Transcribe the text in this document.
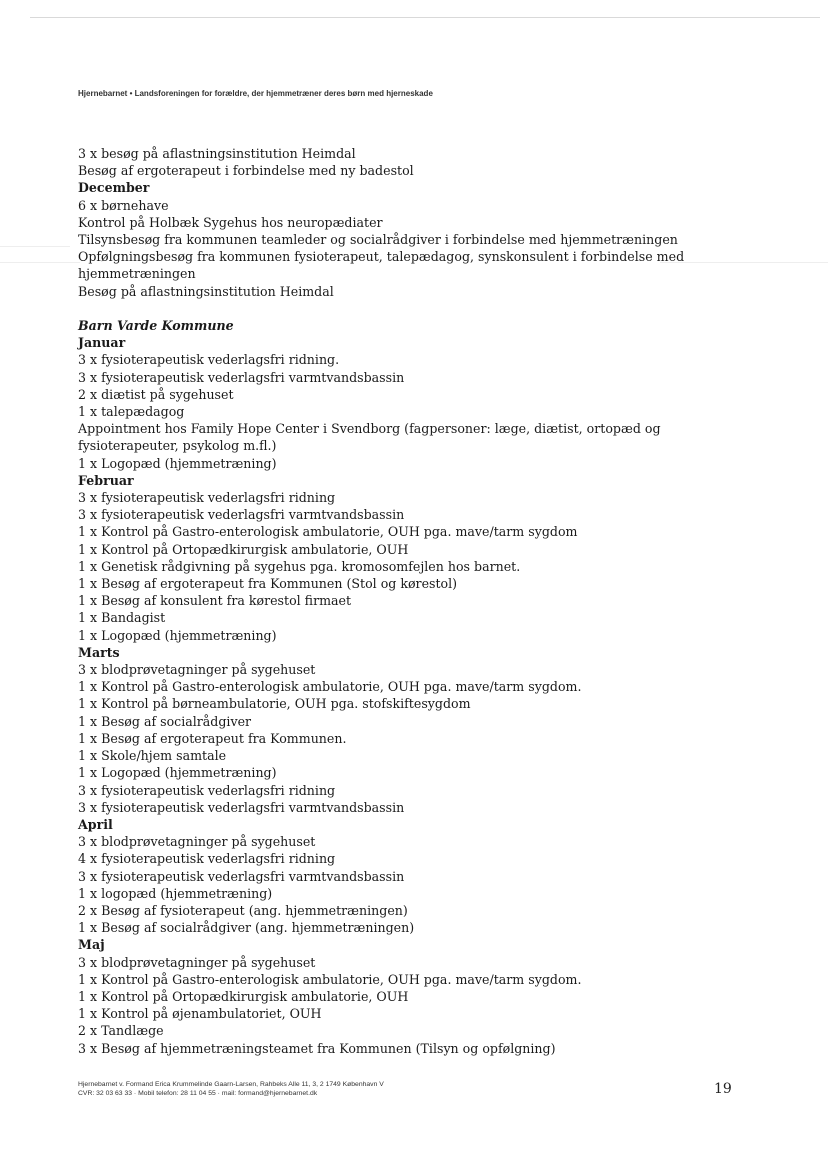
Hjernebarnet • Landsforeningen for forældre, der hjemmetræner deres børn med hjerneskade
3 x besøg på aflastningsinstitution Heimdal
Besøg af ergoterapeut i forbindelse med ny badestol
December
6 x børnehave
Kontrol på Holbæk Sygehus hos neuropædiater
Tilsynsbesøg fra kommunen teamleder og socialrådgiver i forbindelse med hjemmetræningen
Opfølgningsbesøg fra kommunen fysioterapeut, talepædagog, synskonsulent i forbindelse med
hjemmetræningen
Besøg på aflastningsinstitution Heimdal
Barn Varde Kommune
Januar
3 x fysioterapeutisk vederlagsfri ridning.
3 x fysioterapeutisk vederlagsfri varmtvandsbassin
2 x diætist på sygehuset
1 x talepædagog
Appointment hos Family Hope Center i Svendborg (fagpersoner: læge, diætist, ortopæd og
fysioterapeuter, psykolog m.fl.)
1 x Logopæd (hjemmetræning)
Februar
3 x fysioterapeutisk vederlagsfri ridning
3 x fysioterapeutisk vederlagsfri varmtvandsbassin
1 x Kontrol på Gastro-enterologisk ambulatorie, OUH pga. mave/tarm sygdom
1 x Kontrol på Ortopædkirurgisk ambulatorie, OUH
1 x Genetisk rådgivning på sygehus pga. kromosomfejlen hos barnet.
1 x Besøg af ergoterapeut fra Kommunen (Stol og kørestol)
1 x Besøg af konsulent fra kørestol firmaet
1 x Bandagist
1 x Logopæd (hjemmetræning)
Marts
3 x blodprøvetagninger på sygehuset
1 x Kontrol på Gastro-enterologisk ambulatorie, OUH pga. mave/tarm sygdom.
1 x Kontrol på børneambulatorie, OUH pga. stofskiftesygdom
1 x Besøg af socialrådgiver
1 x Besøg af ergoterapeut fra Kommunen.
1 x Skole/hjem samtale
1 x Logopæd (hjemmetræning)
3 x fysioterapeutisk vederlagsfri ridning
3 x fysioterapeutisk vederlagsfri varmtvandsbassin
April
3 x blodprøvetagninger på sygehuset
4 x fysioterapeutisk vederlagsfri ridning
3 x fysioterapeutisk vederlagsfri varmtvandsbassin
1 x logopæd (hjemmetræning)
2 x Besøg af fysioterapeut (ang. hjemmetræningen)
1 x Besøg af socialrådgiver (ang. hjemmetræningen)
Maj
3 x blodprøvetagninger på sygehuset
1 x Kontrol på Gastro-enterologisk ambulatorie, OUH pga. mave/tarm sygdom.
1 x Kontrol på Ortopædkirurgisk ambulatorie, OUH
1 x Kontrol på øjenambulatoriet, OUH
2 x Tandlæge
3 x Besøg af hjemmetræningsteamet fra Kommunen (Tilsyn og opfølgning)
Hjernebarnet v. Formand Erica Krummelinde Gaarn-Larsen, Rahbeks Alle 11, 3, 2 1749 København V
CVR: 32 03 63 33 · Mobil telefon: 28 11 04 55 · mail: formand@hjernebarnet.dk	19
